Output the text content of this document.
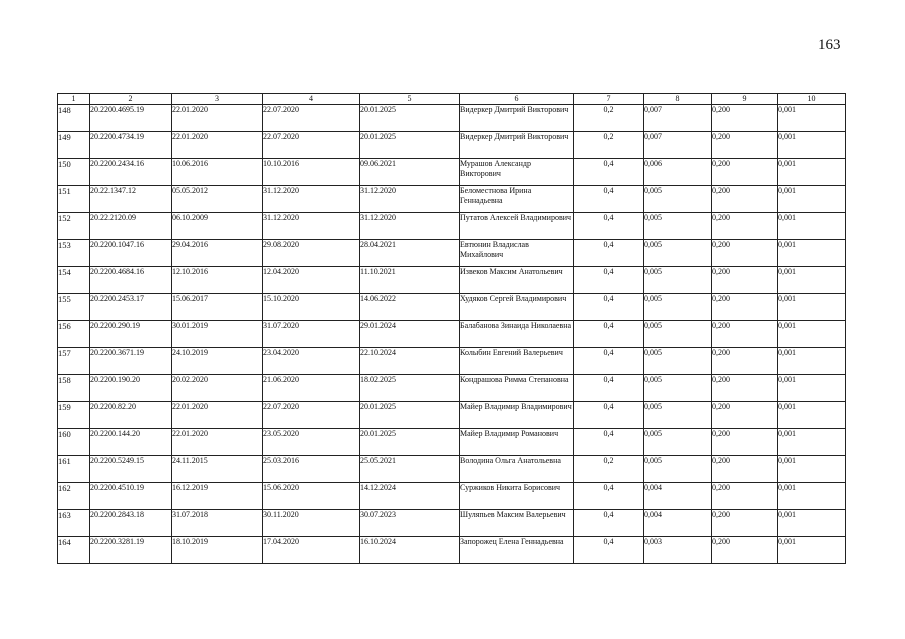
163
1	2	3	4	5	6	7	8	9	10
148	20.2200.4695.19	22.01.2020	22.07.2020	20.01.2025	Видеркер Дмитрий Викторович	0,2	0,007	0,200	0,001
149	20.2200.4734.19	22.01.2020	22.07.2020	20.01.2025	Видеркер Дмитрий Викторович	0,2	0,007	0,200	0,001
150	20.2200.2434.16	10.06.2016	10.10.2016	09.06.2021	Мурашов Александр Викторович	0,4	0,006	0,200	0,001
151	20.22.1347.12	05.05.2012	31.12.2020	31.12.2020	Беломестнова Ирина Геннадьевна	0,4	0,005	0,200	0,001
152	20.22.2120.09	06.10.2009	31.12.2020	31.12.2020	Путатов Алексей Владимирович	0,4	0,005	0,200	0,001
153	20.2200.1047.16	29.04.2016	29.08.2020	28.04.2021	Евтюнин Владислав Михайлович	0,4	0,005	0,200	0,001
154	20.2200.4684.16	12.10.2016	12.04.2020	11.10.2021	Извеков Максим Анатольевич	0,4	0,005	0,200	0,001
155	20.2200.2453.17	15.06.2017	15.10.2020	14.06.2022	Худяков Сергей Владимирович	0,4	0,005	0,200	0,001
156	20.2200.290.19	30.01.2019	31.07.2020	29.01.2024	Балабанова Зинаида Николаевна	0,4	0,005	0,200	0,001
157	20.2200.3671.19	24.10.2019	23.04.2020	22.10.2024	Колыбин Евгений Валерьевич	0,4	0,005	0,200	0,001
158	20.2200.190.20	20.02.2020	21.06.2020	18.02.2025	Кондрашова Римма Степановна	0,4	0,005	0,200	0,001
159	20.2200.82.20	22.01.2020	22.07.2020	20.01.2025	Майер Владимир Владимирович	0,4	0,005	0,200	0,001
160	20.2200.144.20	22.01.2020	23.05.2020	20.01.2025	Майер Владимир Романович	0,4	0,005	0,200	0,001
161	20.2200.5249.15	24.11.2015	25.03.2016	25.05.2021	Володина Ольга Анатольевна	0,2	0,005	0,200	0,001
162	20.2200.4510.19	16.12.2019	15.06.2020	14.12.2024	Суржиков Никита Борисович	0,4	0,004	0,200	0,001
163	20.2200.2843.18	31.07.2018	30.11.2020	30.07.2023	Шуляпьев Максим Валерьевич	0,4	0,004	0,200	0,001
164	20.2200.3281.19	18.10.2019	17.04.2020	16.10.2024	Запорожец Елена Геннадьевна	0,4	0,003	0,200	0,001
